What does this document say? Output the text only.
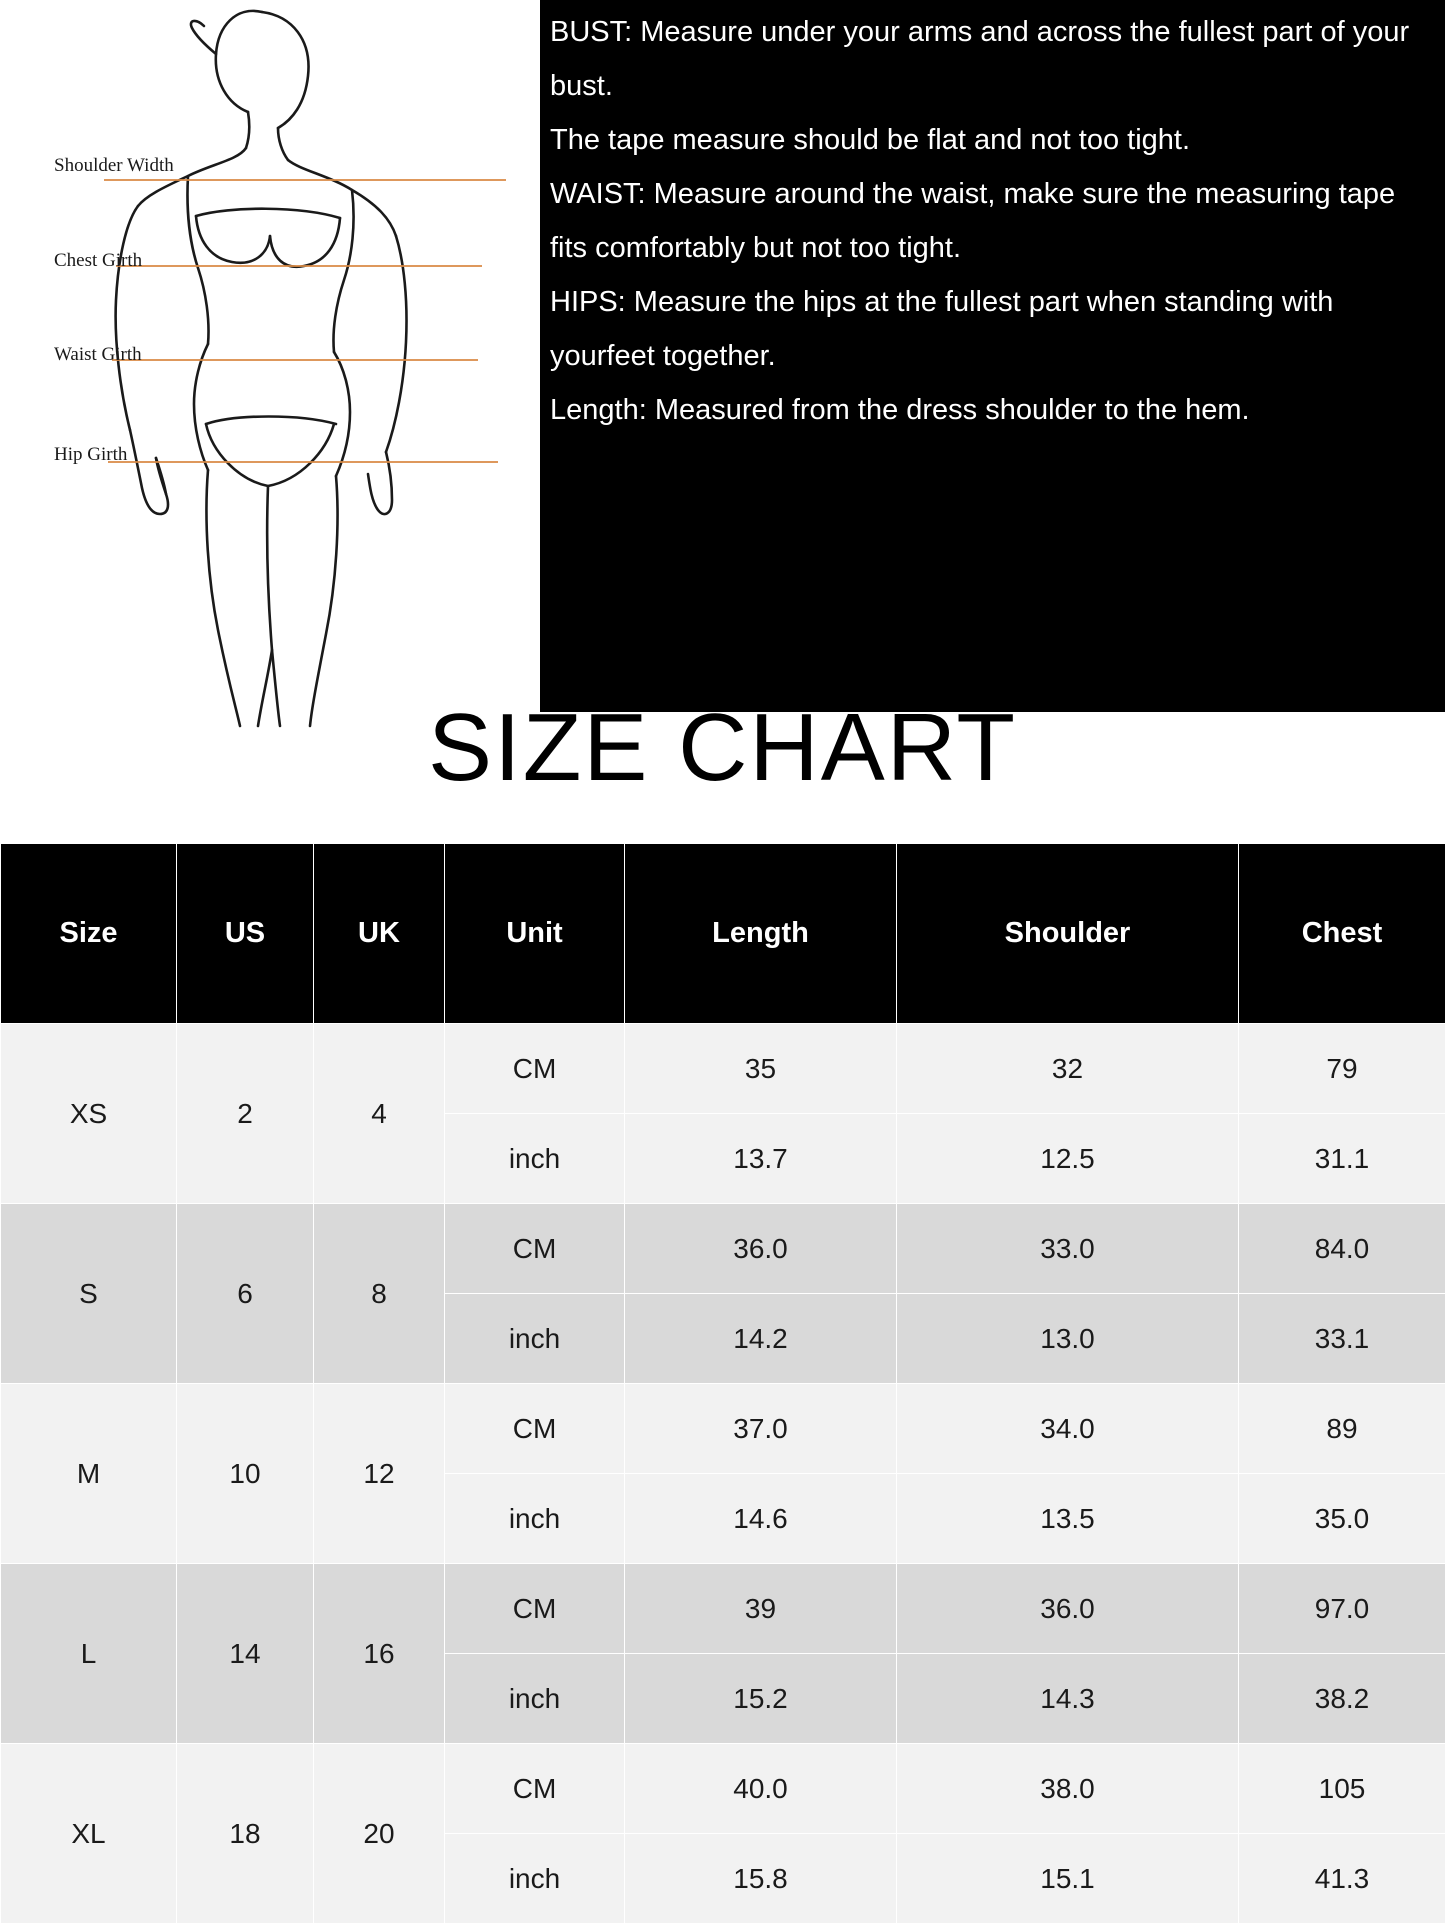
Shoulder Width
Chest Girth
Waist Girth
Hip Girth

BUST: Measure under your arms and across the fullest part of your bust.

The tape measure should be flat and not too tight.

WAIST: Measure around the waist, make sure the measuring tape fits comfortably but not too tight.

HIPS: Measure the hips at the fullest part when standing with yourfeet together.

Length: Measured from the dress shoulder to the hem.

SIZE CHART
Size	US	UK	Unit	Length	Shoulder	Chest
XS	2	4	CM	35	32	79
			inch	13.7	12.5	31.1
S	6	8	CM	36.0	33.0	84.0
			inch	14.2	13.0	33.1
M	10	12	CM	37.0	34.0	89
			inch	14.6	13.5	35.0
L	14	16	CM	39	36.0	97.0
			inch	15.2	14.3	38.2
XL	18	20	CM	40.0	38.0	105
			inch	15.8	15.1	41.3
